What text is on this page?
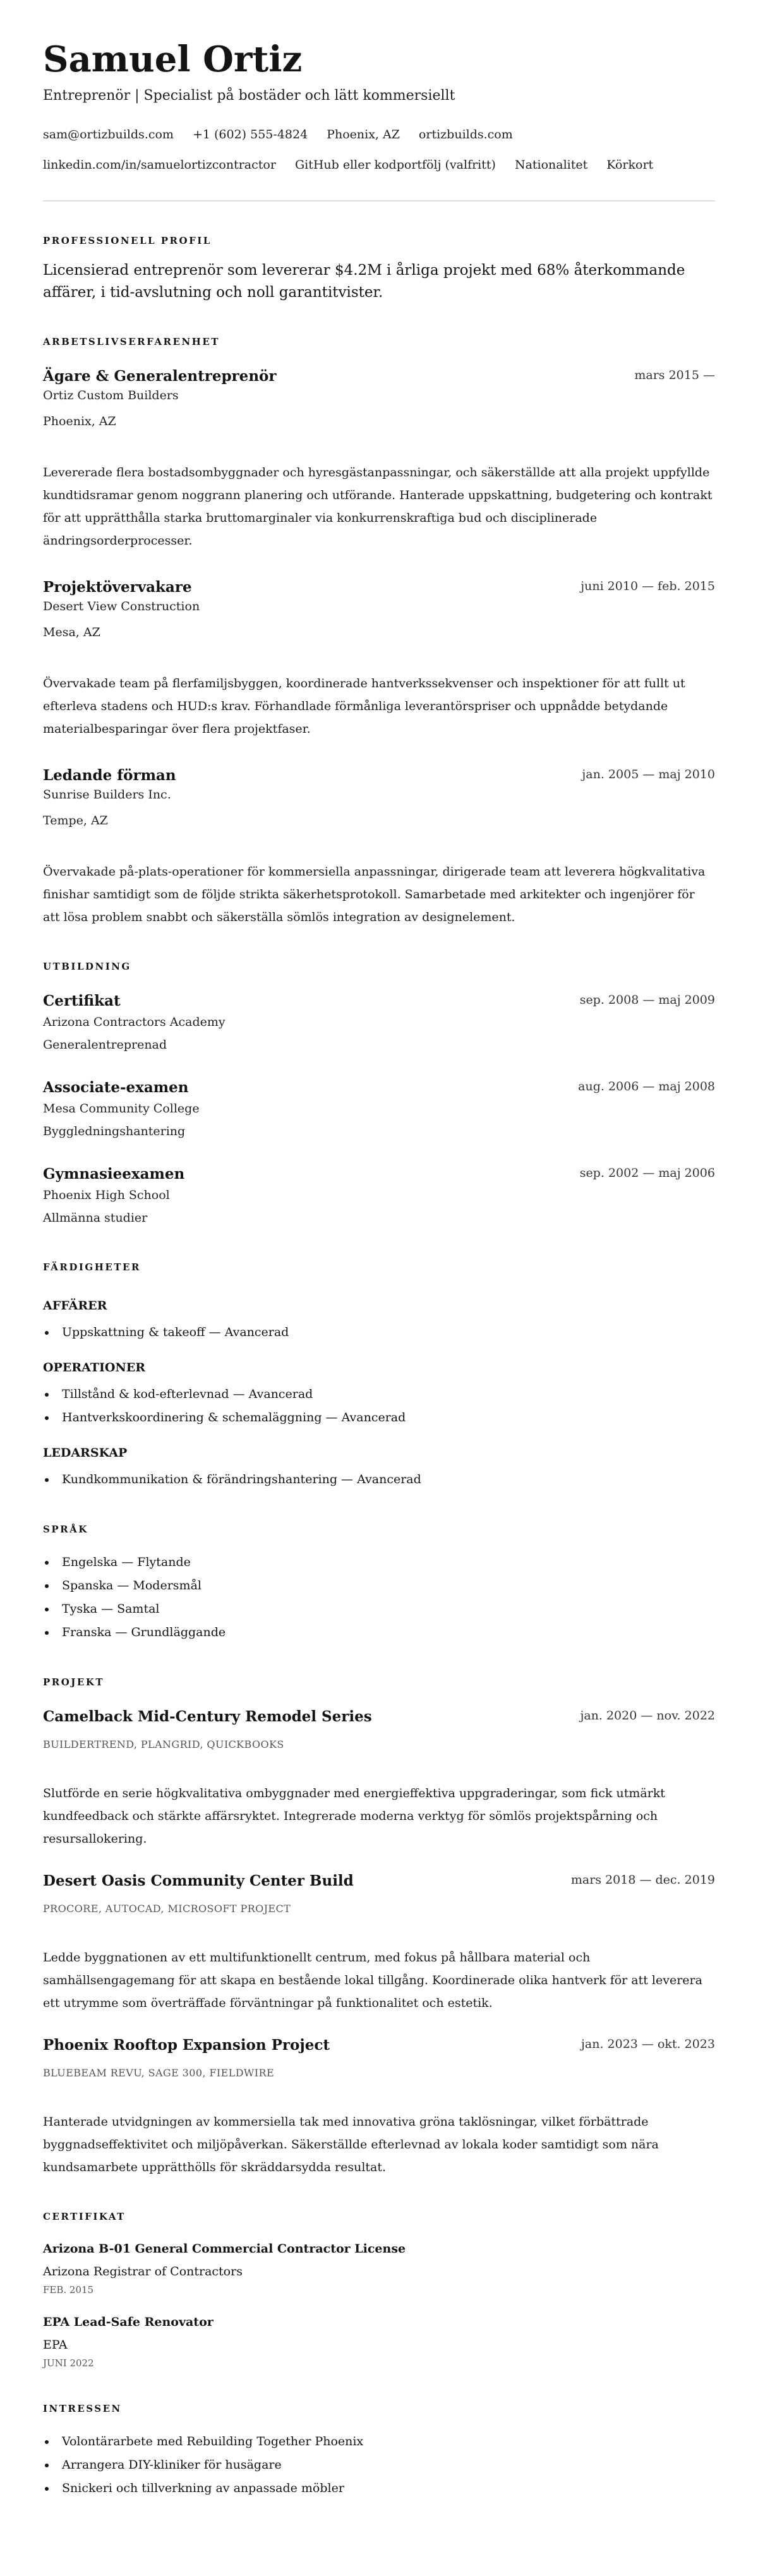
Samuel Ortiz
Entreprenör | Specialist på bostäder och lätt kommersiellt
sam@ortizbuilds.com +1 (602) 555-4824 Phoenix, AZ ortizbuilds.com
linkedin.com/in/samuelortizcontractor GitHub eller kodportfölj (valfritt) Nationalitet Körkort
PROFESSIONELL PROFIL

Licensierad entreprenör som levererar $4.2M i årliga projekt med 68% återkommande affärer, i tid-avslutning och noll garantitvister.

ARBETSLIVSERFARENHET
Ägare & Generalentreprenör	mars 2015 —
Ortiz Custom Builders
Phoenix, AZ

Levererade flera bostadsombyggnader och hyresgästanpassningar, och säkerställde att alla projekt uppfyllde kundtidsramar genom noggrann planering och utförande. Hanterade uppskattning, budgetering och kontrakt för att upprätthålla starka bruttomarginaler via konkurrenskraftiga bud och disciplinerade ändringsorderprocesser.

Projektövervakare	juni 2010 — feb. 2015
Desert View Construction
Mesa, AZ

Övervakade team på flerfamiljsbyggen, koordinerade hantverkssekvenser och inspektioner för att fullt ut efterleva stadens och HUD:s krav. Förhandlade förmånliga leverantörspriser och uppnådde betydande materialbesparingar över flera projektfaser.

Ledande förman	jan. 2005 — maj 2010
Sunrise Builders Inc.
Tempe, AZ

Övervakade på-plats-operationer för kommersiella anpassningar, dirigerade team att leverera högkvalitativa finishar samtidigt som de följde strikta säkerhetsprotokoll. Samarbetade med arkitekter och ingenjörer för att lösa problem snabbt och säkerställa sömlös integration av designelement.

UTBILDNING
Certifikat	sep. 2008 — maj 2009
Arizona Contractors Academy
Generalentreprenad
Associate-examen	aug. 2006 — maj 2008
Mesa Community College
Byggledningshantering
Gymnasieexamen	sep. 2002 — maj 2006
Phoenix High School
Allmänna studier
FÄRDIGHETER
AFFÄRER
Uppskattning & takeoff — Avancerad
OPERATIONER
Tillstånd & kod-efterlevnad — Avancerad
Hantverkskoordinering & schemaläggning — Avancerad
LEDARSKAP
Kundkommunikation & förändringshantering — Avancerad
SPRÅK
Engelska — Flytande
Spanska — Modersmål
Tyska — Samtal
Franska — Grundläggande
PROJEKT
Camelback Mid-Century Remodel Series	jan. 2020 — nov. 2022
BUILDERTREND, PLANGRID, QUICKBOOKS

Slutförde en serie högkvalitativa ombyggnader med energieffektiva uppgraderingar, som fick utmärkt kundfeedback och stärkte affärsryktet. Integrerade moderna verktyg för sömlös projektspårning och resursallokering.

Desert Oasis Community Center Build	mars 2018 — dec. 2019
PROCORE, AUTOCAD, MICROSOFT PROJECT

Ledde byggnationen av ett multifunktionellt centrum, med fokus på hållbara material och samhällsengagemang för att skapa en bestående lokal tillgång. Koordinerade olika hantverk för att leverera ett utrymme som överträffade förväntningar på funktionalitet och estetik.

Phoenix Rooftop Expansion Project	jan. 2023 — okt. 2023
BLUEBEAM REVU, SAGE 300, FIELDWIRE

Hanterade utvidgningen av kommersiella tak med innovativa gröna taklösningar, vilket förbättrade byggnadseffektivitet och miljöpåverkan. Säkerställde efterlevnad av lokala koder samtidigt som nära kundsamarbete upprätthölls för skräddarsydda resultat.

CERTIFIKAT
Arizona B-01 General Commercial Contractor License
Arizona Registrar of Contractors
FEB. 2015
EPA Lead-Safe Renovator
EPA
JUNI 2022
INTRESSEN
Volontärarbete med Rebuilding Together Phoenix
Arrangera DIY-kliniker för husägare
Snickeri och tillverkning av anpassade möbler
